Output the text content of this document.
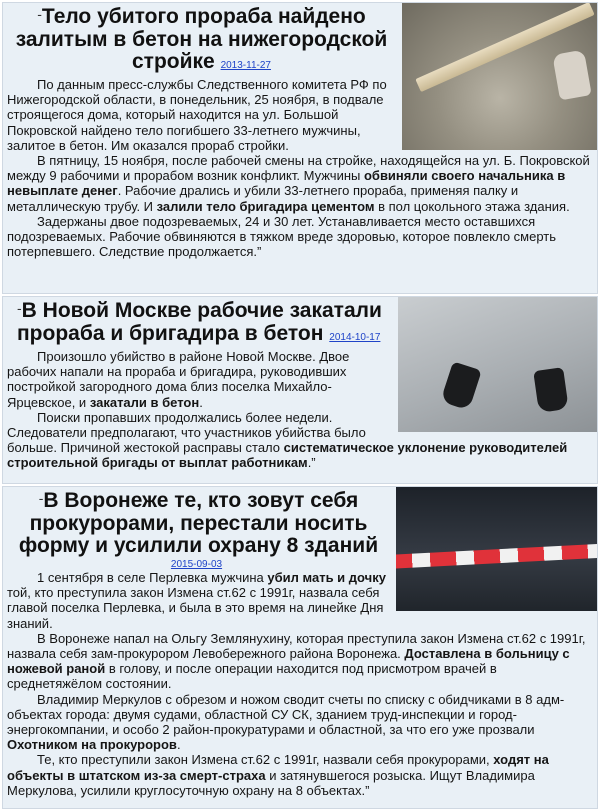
-Тело убитого прораба найдено залитым в бетон на нижегородской стройке 2013-11-27

По данным пресс-службы Следственного комитета РФ по Нижегородской области, в понедельник, 25 ноября, в подвале строящегося дома, который находится на ул. Большой Покровской найдено тело погибшего 33-летнего мужчины, залитое в бетон. Им оказался прораб стройки.

В пятницу, 15 ноября, после рабочей смены на стройке, находящейся на ул. Б. Покровской между 9 рабочими и прорабом возник конфликт. Мужчины обвиняли своего начальника в невыплате денег. Рабочие дрались и убили 33-летнего прораба, применяя палку и металлическую трубу. И залили тело бригадира цементом в пол цокольного этажа здания.

Задержаны двое подозреваемых, 24 и 30 лет. Устанавливается место оставшихся подозреваемых. Рабочие обвиняются в тяжком вреде здоровью, которое повлекло смерть потерпевшего. Следствие продолжается.”

-В Новой Москве рабочие закатали прораба и бригадира в бетон 2014-10-17

Произошло убийство в районе Новой Москве. Двое рабочих напали на прораба и бригадира, руководивших постройкой загородного дома близ поселка Михайло-Ярцевское, и закатали в бетон.

Поиски пропавших продолжались более недели. Следователи предполагают, что участников убийства было больше. Причиной жестокой расправы стало систематическое уклонение руководителей строительной бригады от выплат работникам.”

-В Воронеже те, кто зовут себя прокурорами, перестали носить форму и усилили охрану 8 зданий
2015-09-03

1 сентября в селе Перлевка мужчина убил мать и дочку той, кто преступила закон Измена ст.62 с 1991г, назвала себя главой поселка Перлевка, и была в это время на линейке Дня знаний.

В Воронеже напал на Ольгу Землянухину, которая преступила закон Измена ст.62 с 1991г, назвала себя зам-прокурором Левобережного района Воронежа. Доставлена в больницу с ножевой раной в голову, и после операции находится под присмотром врачей в среднетяжёлом состоянии.

Владимир Меркулов с обрезом и ножом сводит счеты по списку с обидчиками в 8 адм-объектах города: двумя судами, областной СУ СК, зданием труд-инспекции и город-энергокомпании, и особо 2 район-прокуратурами и областной, за что его уже прозвали Охотником на прокуроров.

Те, кто преступили закон Измена ст.62 с 1991г, назвали себя прокурорами, ходят на объекты в штатском из-за смерт-страха и затянувшегося розыска. Ищут Владимира Меркулова, усилили круглосуточную охрану на 8 объектах.”
